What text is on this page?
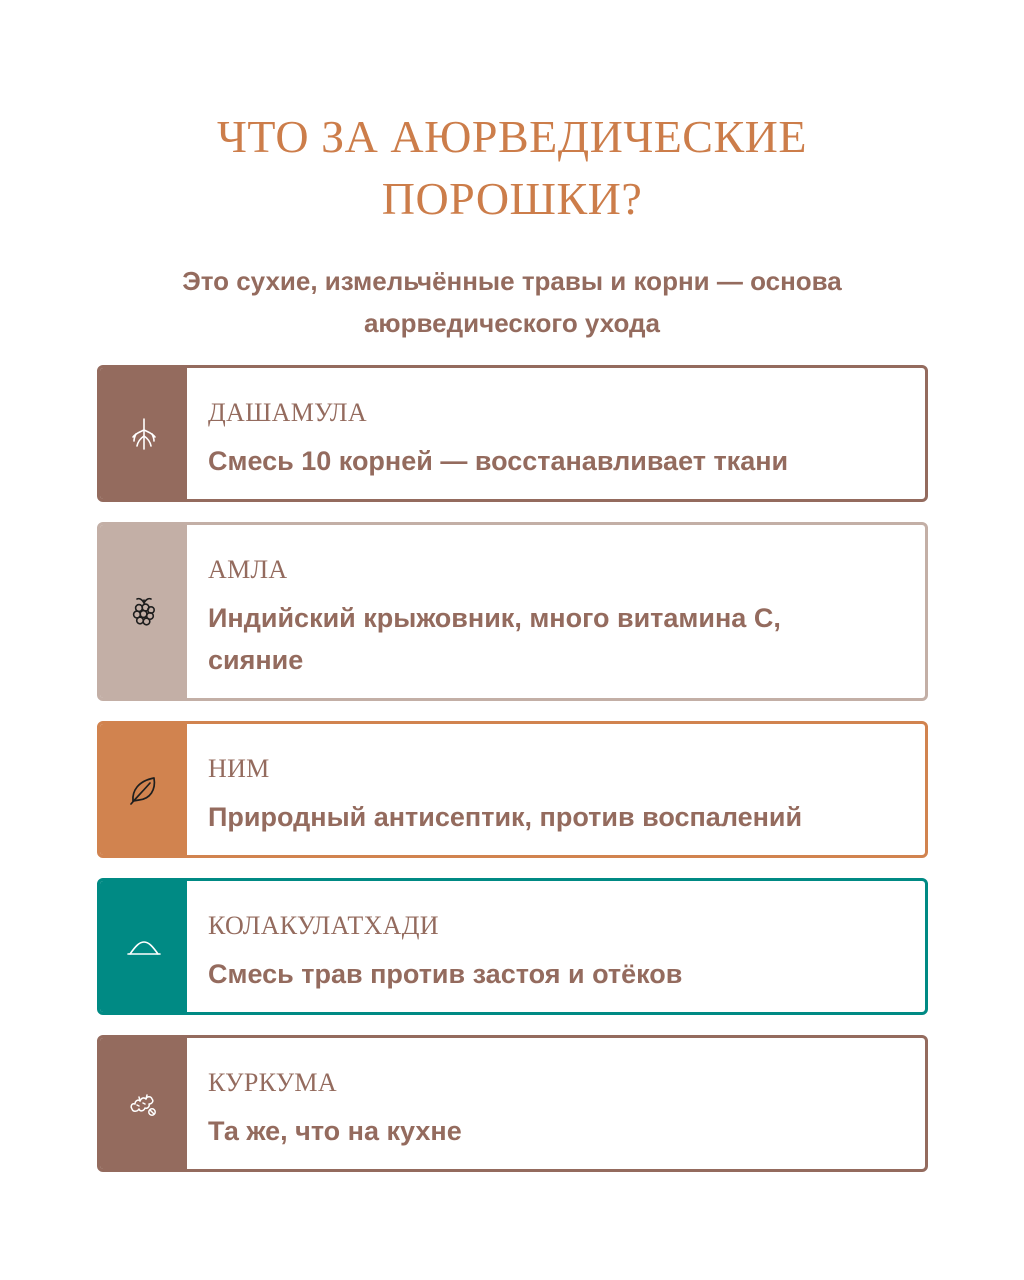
ЧТО ЗА АЮРВЕДИЧЕСКИЕ
ПОРОШКИ?

Это сухие, измельчённые травы и корни — основа
аюрведического ухода

ДАШАМУЛА
Смесь 10 корней — восстанавливает ткани
АМЛА
Индийский крыжовник, много витамина С,
сияние
НИМ
Природный антисептик, против воспалений
КОЛАКУЛАТХАДИ
Смесь трав против застоя и отёков
КУРКУМА
Та же, что на кухне
